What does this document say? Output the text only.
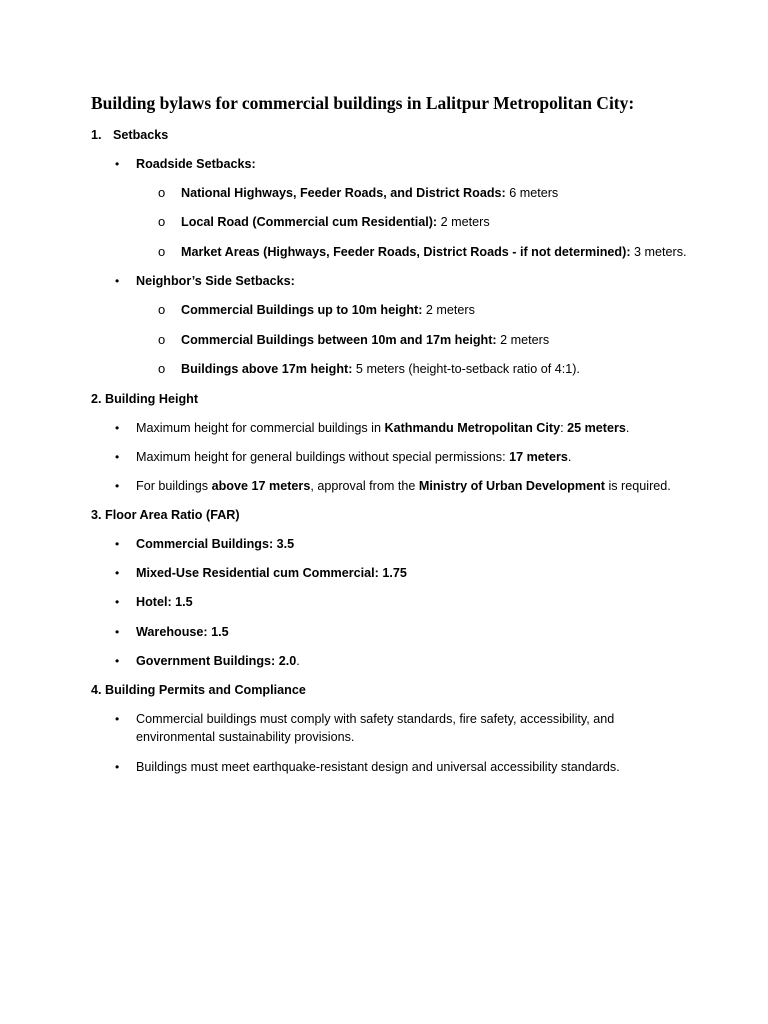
Building bylaws for commercial buildings in Lalitpur Metropolitan City:
1. Setbacks
• Roadside Setbacks:
o National Highways, Feeder Roads, and District Roads: 6 meters
o Local Road (Commercial cum Residential): 2 meters
o Market Areas (Highways, Feeder Roads, District Roads - if not determined): 3 meters.
• Neighbor’s Side Setbacks:
o Commercial Buildings up to 10m height: 2 meters
o Commercial Buildings between 10m and 17m height: 2 meters
o Buildings above 17m height: 5 meters (height-to-setback ratio of 4:1).
2. Building Height
• Maximum height for commercial buildings in Kathmandu Metropolitan City: 25 meters.
• Maximum height for general buildings without special permissions: 17 meters.
• For buildings above 17 meters, approval from the Ministry of Urban Development is required.
3. Floor Area Ratio (FAR)
• Commercial Buildings: 3.5
• Mixed-Use Residential cum Commercial: 1.75
• Hotel: 1.5
• Warehouse: 1.5
• Government Buildings: 2.0.
4. Building Permits and Compliance
• Commercial buildings must comply with safety standards, fire safety, accessibility, and
environmental sustainability provisions.
• Buildings must meet earthquake-resistant design and universal accessibility standards.
